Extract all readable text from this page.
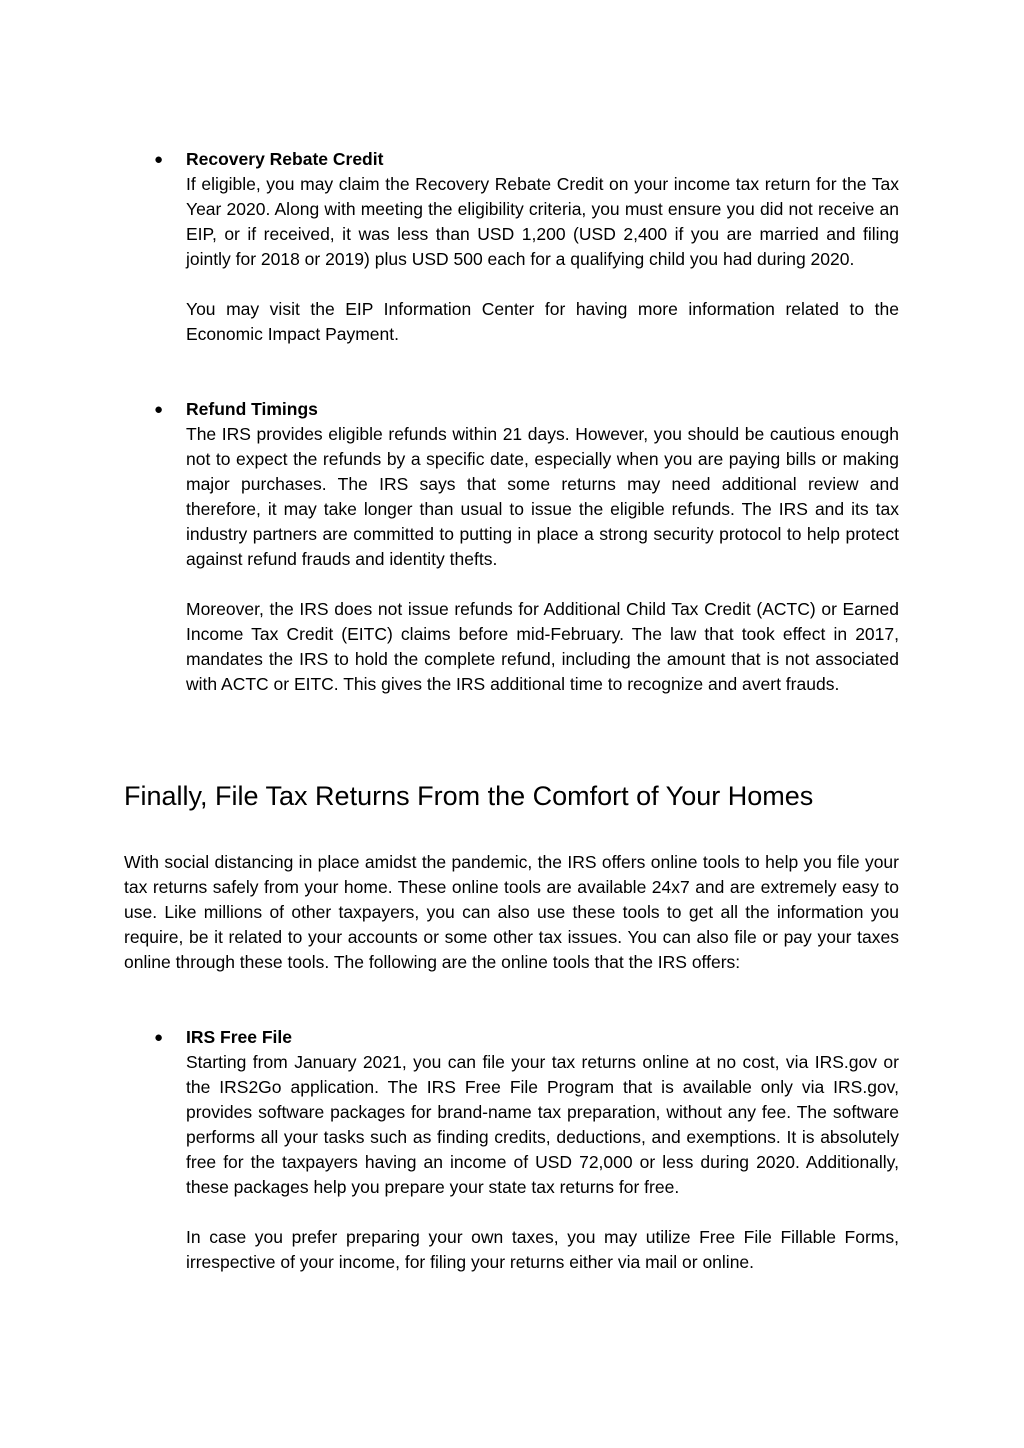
● Recovery Rebate Credit

If eligible, you may claim the Recovery Rebate Credit on your income tax return for the Tax Year 2020. Along with meeting the eligibility criteria, you must ensure you did not receive an EIP, or if received, it was less than USD 1,200 (USD 2,400 if you are married and filing jointly for 2018 or 2019) plus USD 500 each for a qualifying child you had during 2020.

You may visit the EIP Information Center for having more information related to the Economic Impact Payment.

● Refund Timings

The IRS provides eligible refunds within 21 days. However, you should be cautious enough not to expect the refunds by a specific date, especially when you are paying bills or making major purchases. The IRS says that some returns may need additional review and therefore, it may take longer than usual to issue the eligible refunds. The IRS and its tax industry partners are committed to putting in place a strong security protocol to help protect against refund frauds and identity thefts.

Moreover, the IRS does not issue refunds for Additional Child Tax Credit (ACTC) or Earned Income Tax Credit (EITC) claims before mid-February. The law that took effect in 2017, mandates the IRS to hold the complete refund, including the amount that is not associated with ACTC or EITC. This gives the IRS additional time to recognize and avert frauds.

Finally, File Tax Returns From the Comfort of Your Homes

With social distancing in place amidst the pandemic, the IRS offers online tools to help you file your tax returns safely from your home. These online tools are available 24x7 and are extremely easy to use. Like millions of other taxpayers, you can also use these tools to get all the information you require, be it related to your accounts or some other tax issues. You can also file or pay your taxes online through these tools. The following are the online tools that the IRS offers:

● IRS Free File

Starting from January 2021, you can file your tax returns online at no cost, via IRS.gov or the IRS2Go application. The IRS Free File Program that is available only via IRS.gov, provides software packages for brand-name tax preparation, without any fee. The software performs all your tasks such as finding credits, deductions, and exemptions. It is absolutely free for the taxpayers having an income of USD 72,000 or less during 2020. Additionally, these packages help you prepare your state tax returns for free.

In case you prefer preparing your own taxes, you may utilize Free File Fillable Forms, irrespective of your income, for filing your returns either via mail or online.
